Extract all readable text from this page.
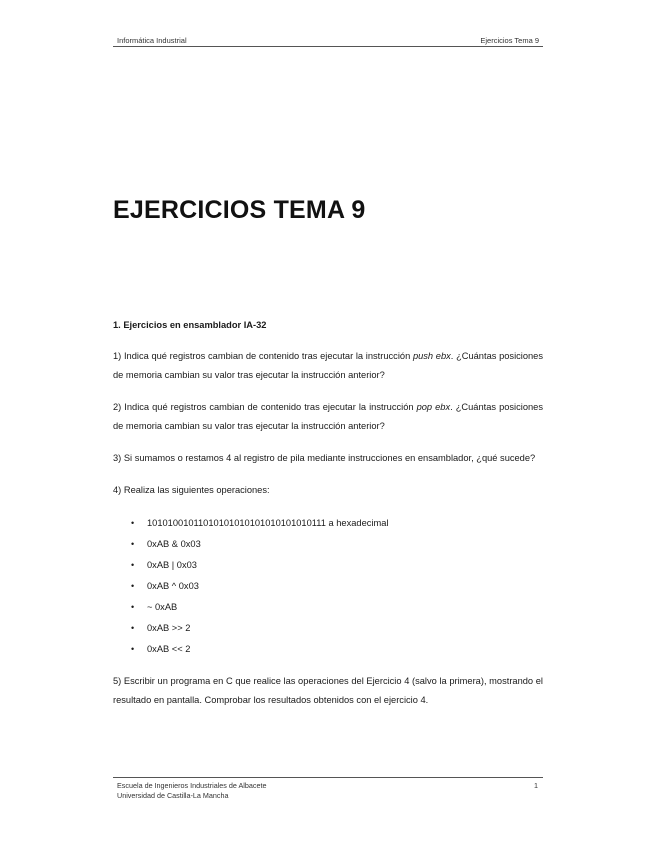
Informática Industrial	Ejercicios Tema 9
EJERCICIOS TEMA 9
1. Ejercicios en ensamblador IA-32
1) Indica qué registros cambian de contenido tras ejecutar la instrucción push ebx. ¿Cuántas posiciones de memoria cambian su valor tras ejecutar la instrucción anterior?
2) Indica qué registros cambian de contenido tras ejecutar la instrucción pop ebx. ¿Cuántas posiciones de memoria cambian su valor tras ejecutar la instrucción anterior?
3) Si sumamos o restamos 4 al registro de pila mediante instrucciones en ensamblador, ¿qué sucede?
4) Realiza las siguientes operaciones:
• 10101001011010101010101010101010111 a hexadecimal
• 0xAB & 0x03
• 0xAB | 0x03
• 0xAB ^ 0x03
• ~ 0xAB
• 0xAB >> 2
• 0xAB << 2
5) Escribir un programa en C que realice las operaciones del Ejercicio 4 (salvo la primera), mostrando el resultado en pantalla. Comprobar los resultados obtenidos con el ejercicio 4.
Escuela de Ingenieros Industriales de Albacete
Universidad de Castilla-La Mancha
1
